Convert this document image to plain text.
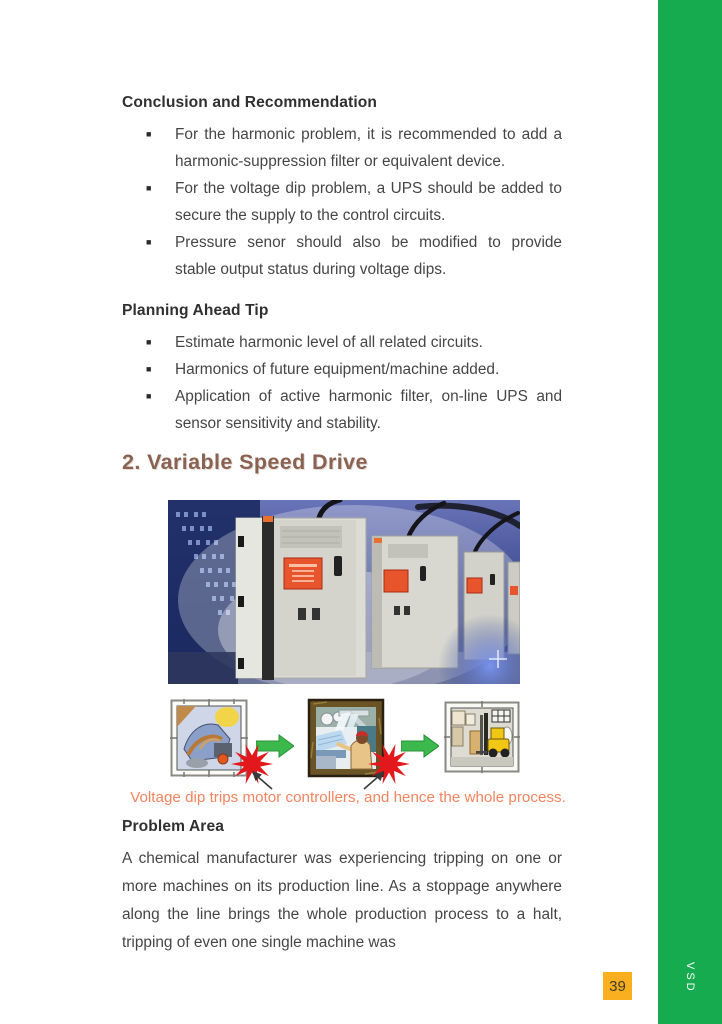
Conclusion and Recommendation
■ For the harmonic problem, it is recommended to add a harmonic-suppression filter or equivalent device.
■ For the voltage dip problem, a UPS should be added to secure the supply to the control circuits.
■ Pressure senor should also be modified to provide stable output status during voltage dips.
Planning Ahead Tip
■ Estimate harmonic level of all related circuits.
■ Harmonics of future equipment/machine added.
■ Application of active harmonic filter, on-line UPS and sensor sensitivity and stability.
2. Variable Speed Drive
Voltage dip trips motor controllers, and hence the whole process.
Problem Area

A chemical manufacturer was experiencing tripping on one or more machines on its production line. As a stoppage anywhere along the line brings the whole production process to a halt, tripping of even one single machine was

39	VSD
